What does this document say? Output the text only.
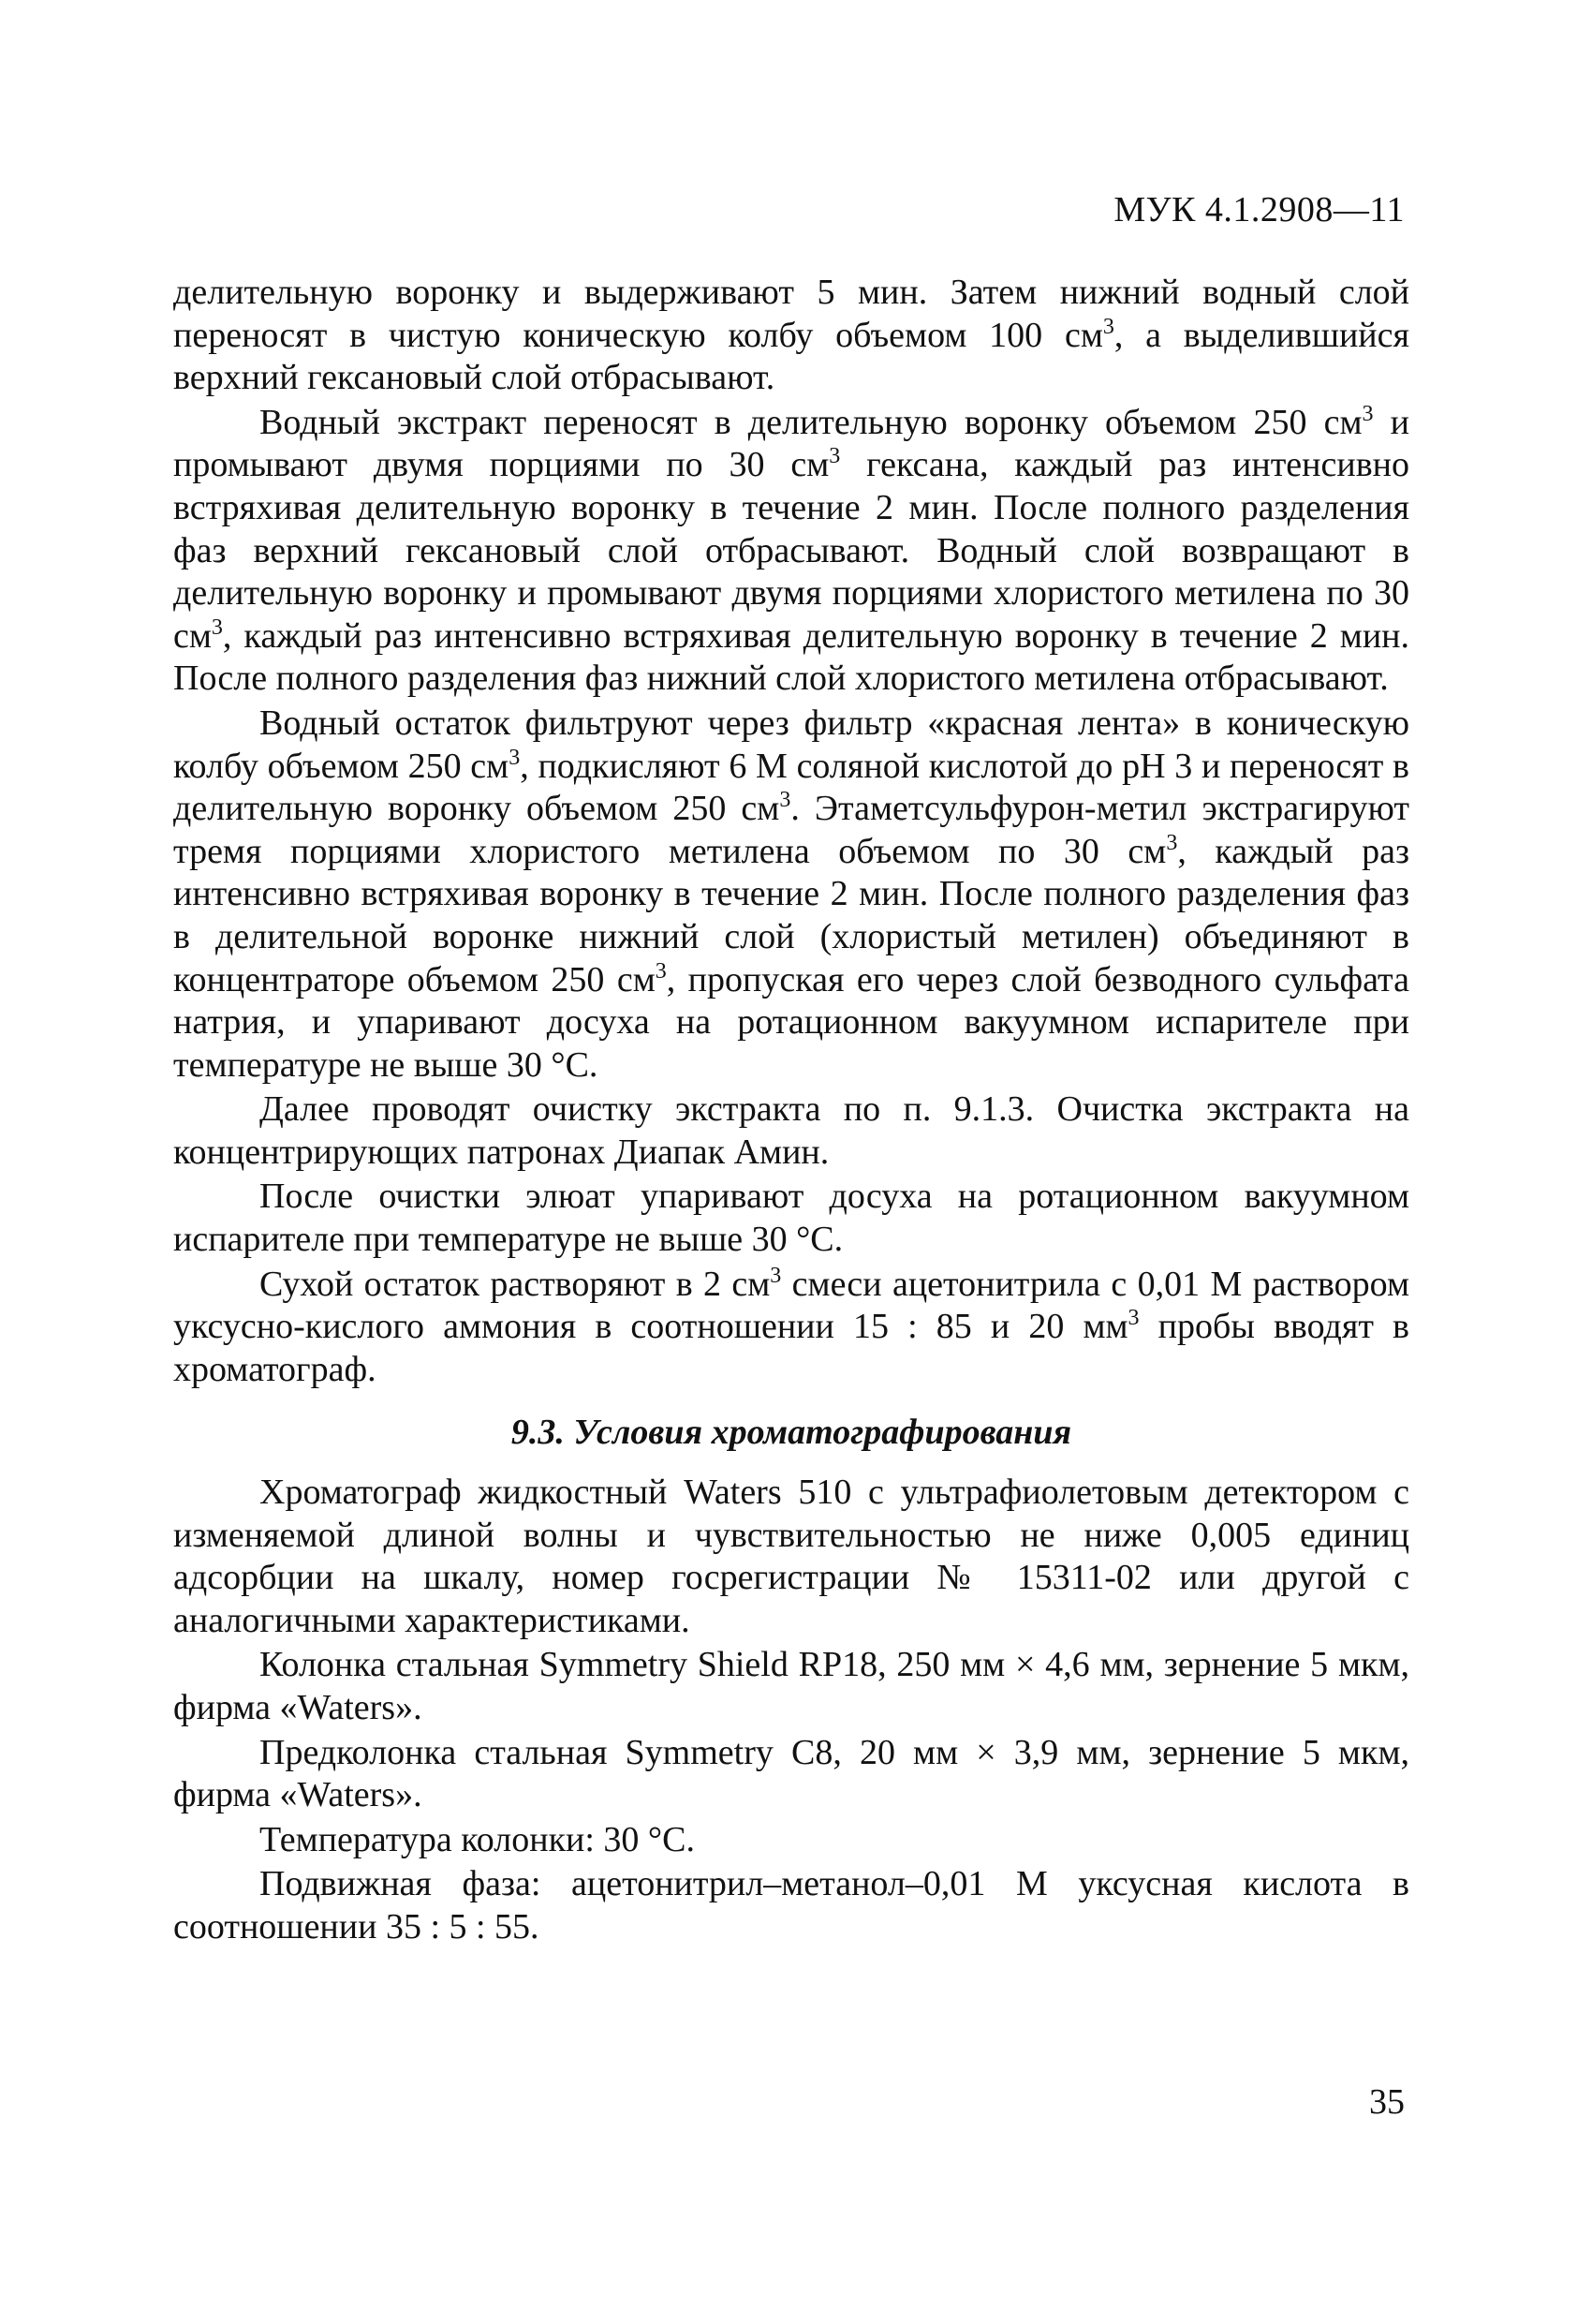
МУК 4.1.2908—11

делительную воронку и выдерживают 5 мин. Затем нижний водный слой переносят в чистую коническую колбу объемом 100 $см^3$, а выделившийся верхний гексановый слой отбрасывают.

Водный экстракт переносят в делительную воронку объемом 250 $см^3$ и промывают двумя порциями по 30 $см^3$ гексана, каждый раз интенсивно встряхивая делительную воронку в течение 2 мин. После полного разделения фаз верхний гексановый слой отбрасывают. Водный слой возвращают в делительную воронку и промывают двумя порциями хлористого метилена по 30 $см^3$, каждый раз интенсивно встряхивая делительную воронку в течение 2 мин. После полного разделения фаз нижний слой хлористого метилена отбрасывают.

Водный остаток фильтруют через фильтр «красная лента» в коническую колбу объемом 250 $см^3$, подкисляют 6 М соляной кислотой до рН 3 и переносят в делительную воронку объемом 250 $см^3$. Этаметсульфурон-метил экстрагируют тремя порциями хлористого метилена объемом по 30 $см^3$, каждый раз интенсивно встряхивая воронку в течение 2 мин. После полного разделения фаз в делительной воронке нижний слой (хлористый метилен) объединяют в концентраторе объемом 250 $см^3$, пропуская его через слой безводного сульфата натрия, и упаривают досуха на ротационном вакуумном испарителе при температуре не выше 30 °С.

Далее проводят очистку экстракта по п. 9.1.3. Очистка экстракта на концентрирующих патронах Диапак Амин.

После очистки элюат упаривают досуха на ротационном вакуумном испарителе при температуре не выше 30 °С.

Сухой остаток растворяют в 2 $см^3$ смеси ацетонитрила с 0,01 М раствором уксусно-кислого аммония в соотношении 15 : 85 и 20 $мм^3$ пробы вводят в хроматограф.

9.3. Условия хроматографирования

Хроматограф жидкостный Waters 510 с ультрафиолетовым детектором с изменяемой длиной волны и чувствительностью не ниже 0,005 единиц адсорбции на шкалу, номер госрегистрации № 15311-02 или другой с аналогичными характеристиками.

Колонка стальная Symmetry Shield RP18, 250 мм × 4,6 мм, зернение 5 мкм, фирма «Waters».

Предколонка стальная Symmetry C8, 20 мм × 3,9 мм, зернение 5 мкм, фирма «Waters».

Температура колонки: 30 °С.

Подвижная фаза: ацетонитрил–метанол–0,01 М уксусная кислота в соотношении 35 : 5 : 55.

35
